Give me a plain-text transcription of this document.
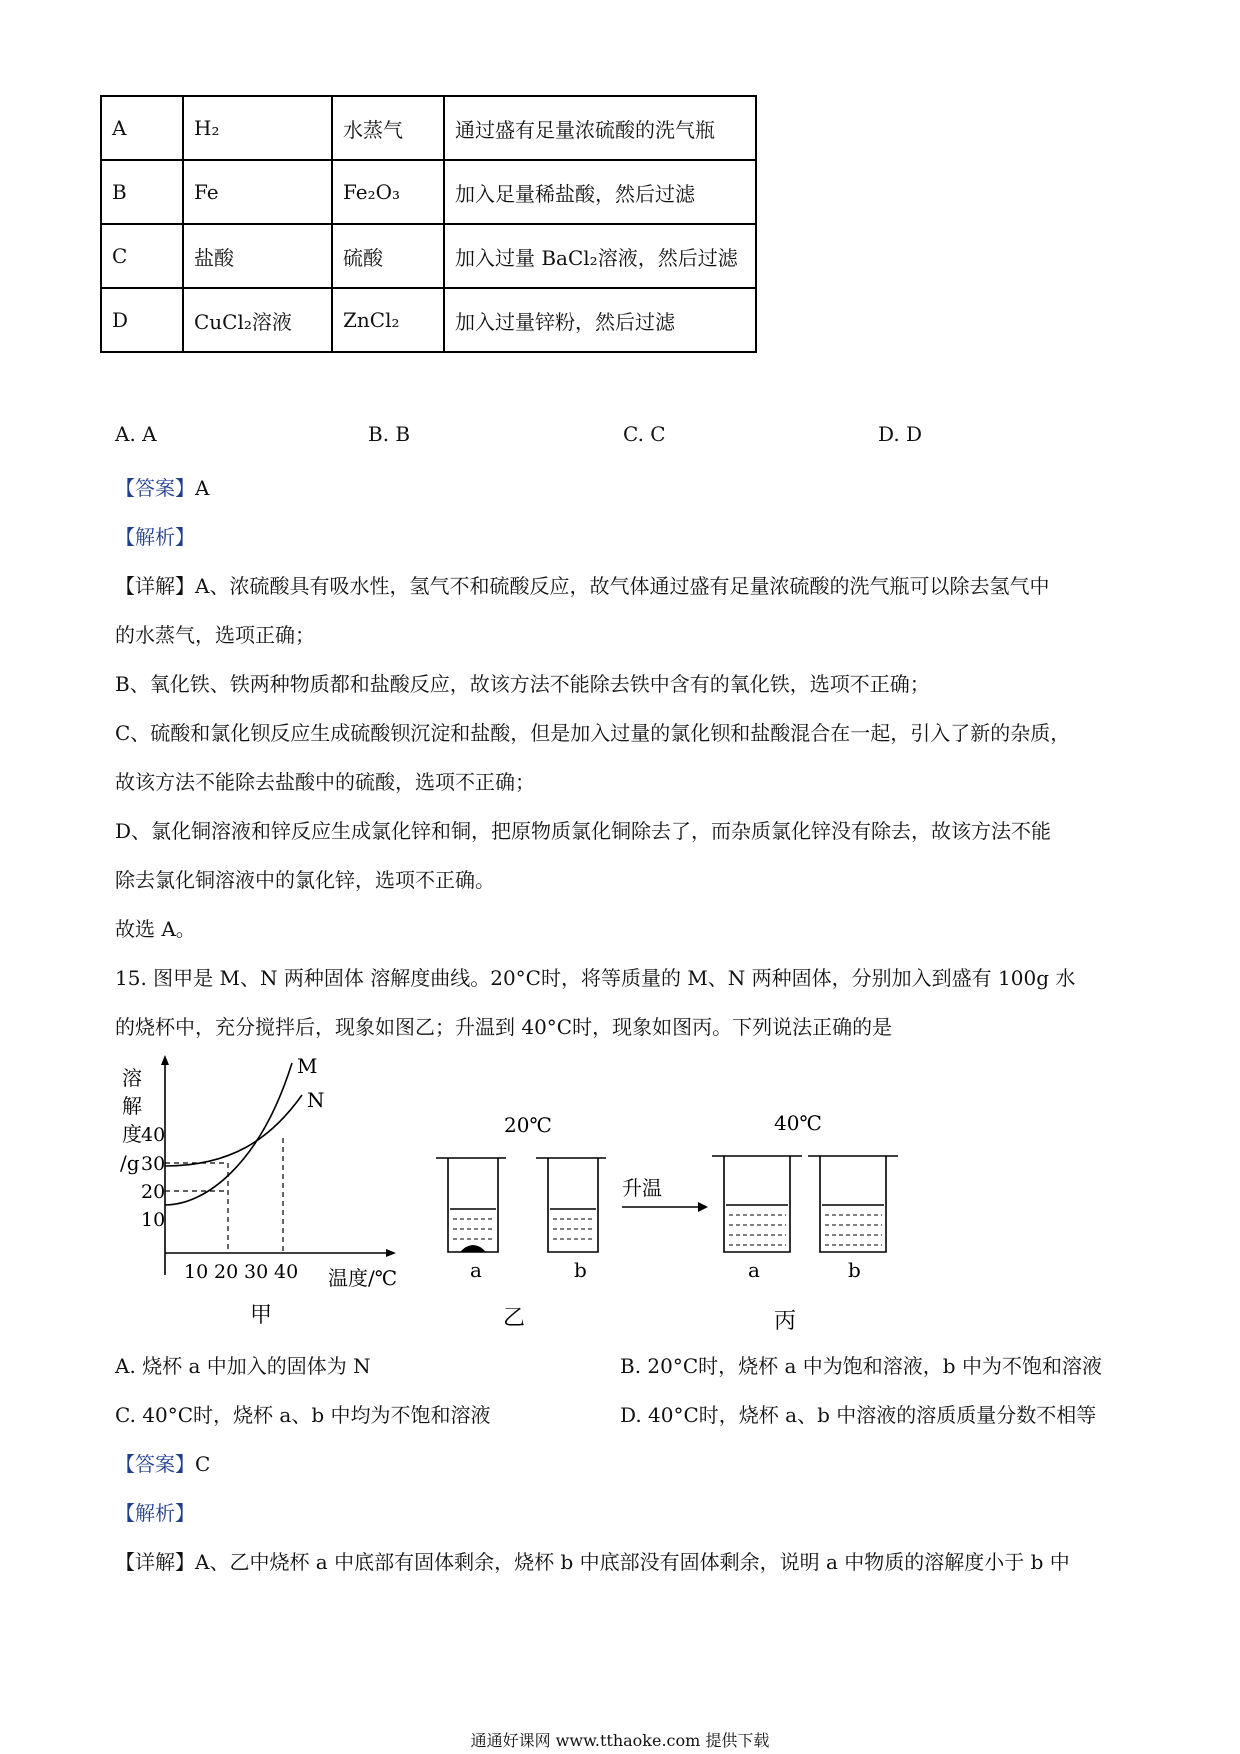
A	H₂	水蒸气	通过盛有足量浓硫酸的洗气瓶
B	Fe	Fe₂O₃	加入足量稀盐酸，然后过滤
C	盐酸	硫酸	加入过量 BaCl₂溶液，然后过滤
D	CuCl₂溶液	ZnCl₂	加入过量锌粉，然后过滤
A. A	B. B	C. C	D. D
【答案】A
【解析】
【详解】A、浓硫酸具有吸水性，氢气不和硫酸反应，故气体通过盛有足量浓硫酸的洗气瓶可以除去氢气中
的水蒸气，选项正确；
B、氧化铁、铁两种物质都和盐酸反应，故该方法不能除去铁中含有的氧化铁，选项不正确；
C、硫酸和氯化钡反应生成硫酸钡沉淀和盐酸，但是加入过量的氯化钡和盐酸混合在一起，引入了新的杂质，
故该方法不能除去盐酸中的硫酸，选项不正确；
D、氯化铜溶液和锌反应生成氯化锌和铜，把原物质氯化铜除去了，而杂质氯化锌没有除去，故该方法不能
除去氯化铜溶液中的氯化锌，选项不正确。
故选 A。
15. 图甲是 M、N 两种固体 溶解度曲线。20°C时，将等质量的 M、N 两种固体，分别加入到盛有 100g 水
的烧杯中，充分搅拌后，现象如图乙；升温到 40°C时，现象如图丙。下列说法正确的是
溶
解
度
/g
40
30
20
10
10 20 30 40 温度/℃
M
N
甲
20℃
a	b
乙
升温
40℃
a	b
丙
A. 烧杯 a 中加入的固体为 N	B. 20°C时，烧杯 a 中为饱和溶液，b 中为不饱和溶液
C. 40°C时，烧杯 a、b 中均为不饱和溶液	D. 40°C时，烧杯 a、b 中溶液的溶质质量分数不相等
【答案】C
【解析】
【详解】A、乙中烧杯 a 中底部有固体剩余，烧杯 b 中底部没有固体剩余，说明 a 中物质的溶解度小于 b 中
通通好课网 www.tthaoke.com 提供下载
